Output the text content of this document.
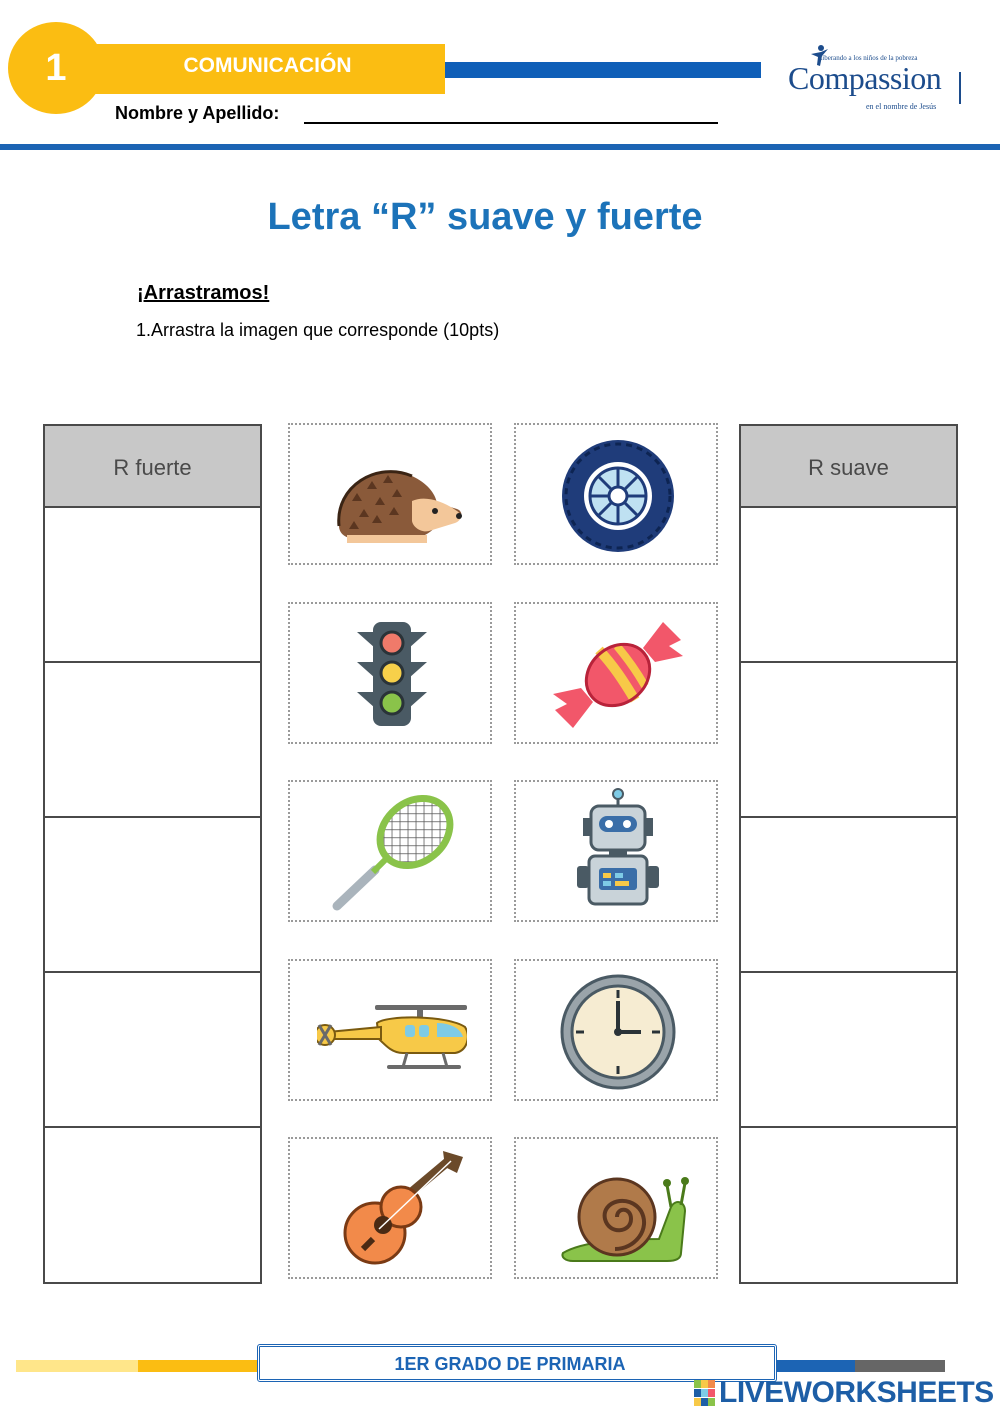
1	COMUNICACIÓN
Nombre y Apellido:
Liberando a los niños de la pobreza
Compassion
en el nombre de Jesús
Letra “R” suave y fuerte
¡Arrastramos!
1.Arrastra la imagen que corresponde (10pts)
R fuerte	R suave
1ER GRADO DE PRIMARIA
LIVEWORKSHEETS
